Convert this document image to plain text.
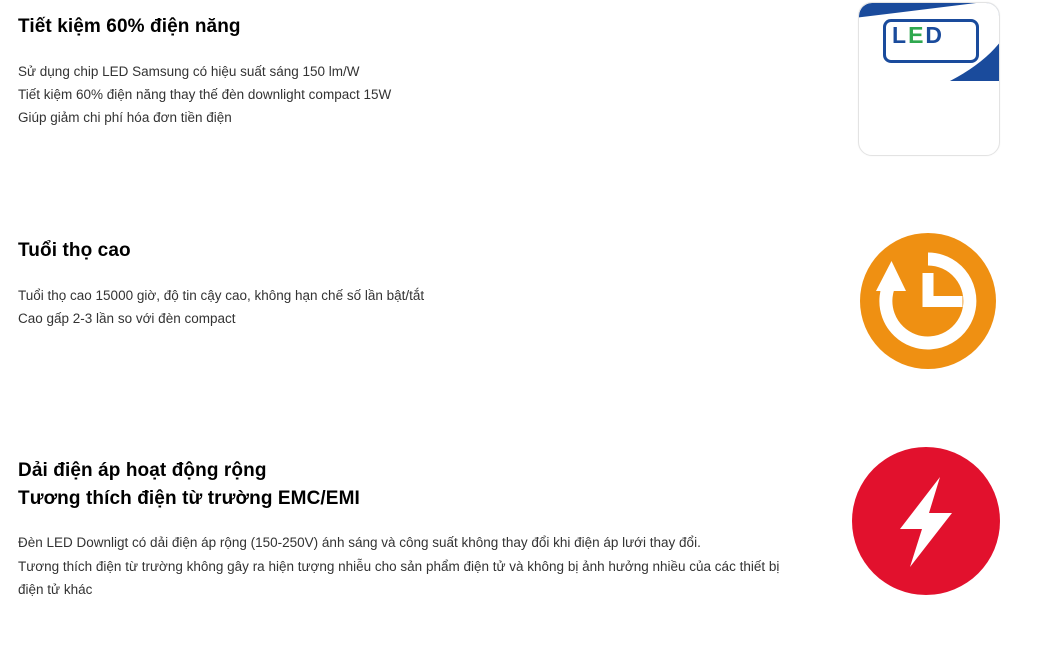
Tiết kiệm 60% điện năng

Sử dụng chip LED Samsung có hiệu suất sáng 150 lm/W

Tiết kiệm 60% điện năng thay thế đèn downlight compact 15W

Giúp giảm chi phí hóa đơn tiền điện

LED
provided by
SAMSUNG
Tuổi thọ cao

Tuổi thọ cao 15000 giờ, độ tin cậy cao, không hạn chế số lần bật/tắt

Cao gấp 2-3 lần so với đèn compact

Dải điện áp hoạt động rộng
Tương thích điện từ trường EMC/EMI

Đèn LED Downligt có dải điện áp rộng (150-250V) ánh sáng và công suất không thay đổi khi điện áp lưới thay đổi.

Tương thích điện từ trường không gây ra hiện tượng nhiễu cho sản phẩm điện tử và không bị ảnh hưởng nhiều của các thiết bị điện tử khác
